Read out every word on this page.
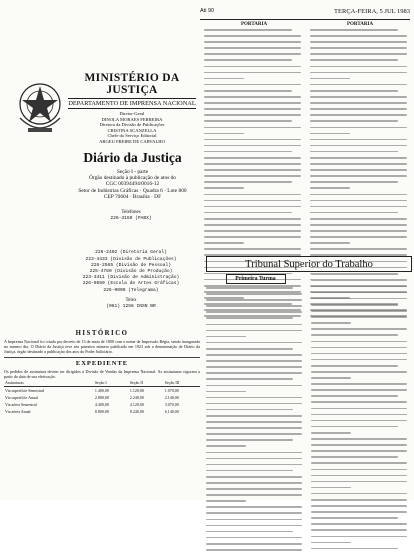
Ati 90	TERÇA-FEIRA, 5 JUL 1983
MINISTÉRIO DA JUSTIÇA
DEPARTAMENTO DE IMPRENSA NACIONAL
Diretor-Geral
DINOLA MORAES FERREIRA
Diretora da Divisão de Publicações
CRISTINA SCANZELLA
Chefe do Serviço Editorial
ARGEU FREIRE DE CARVALHO
Diário da Justiça
Seção I - parte
Órgão destinado à publicação de atos do
CGC 00394494/0016-12
Setor de Indústrias Gráficas · Quadra 6 · Lote 800
CEP 70604 · Brasília · DF
Telefones
226-3159 (PABX)
226-2402 (Diretoria Geral)
223-4433 (Divisão de Publicações)
226-2565 (Divisão de Pessoal)
225-4780 (Divisão de Produção)
223-3411 (Divisão de Administração)
226-9650 (Escola de Artes Gráficas)
226-0009 (Telegrama)
Telex
(061) 1256 INSN BR
HISTÓRICO
A Imprensa Nacional foi criada por decreto de 13 de maio de 1808 com o nome de Impressão Régia, sendo inaugurada no mesmo dia. O Diário da Justiça teve seu primeiro número publicado em 1923 sob a denominação de Diário da Justiça, órgão destinado a publicação dos atos do Poder Judiciário.
EXPEDIENTE
Os pedidos de assinatura devem ser dirigidos à Divisão de Vendas da Imprensa Nacional. As assinaturas vigoram a partir da data de sua efetivação.
Assinaturas	Seção I	Seção II	Seção III
Via superfície Semestral	1.400,00	1.120,00	1.070,00
Via superfície Anual	2.800,00	2.240,00	2.140,00
Via aérea Semestral	4.400,00	4.120,00	3.070,00
Via aérea Anual	8.800,00	8.240,00	6.140,00
PORTARIA	PORTARIA
Tribunal Superior do Trabalho
Primeira Turma
